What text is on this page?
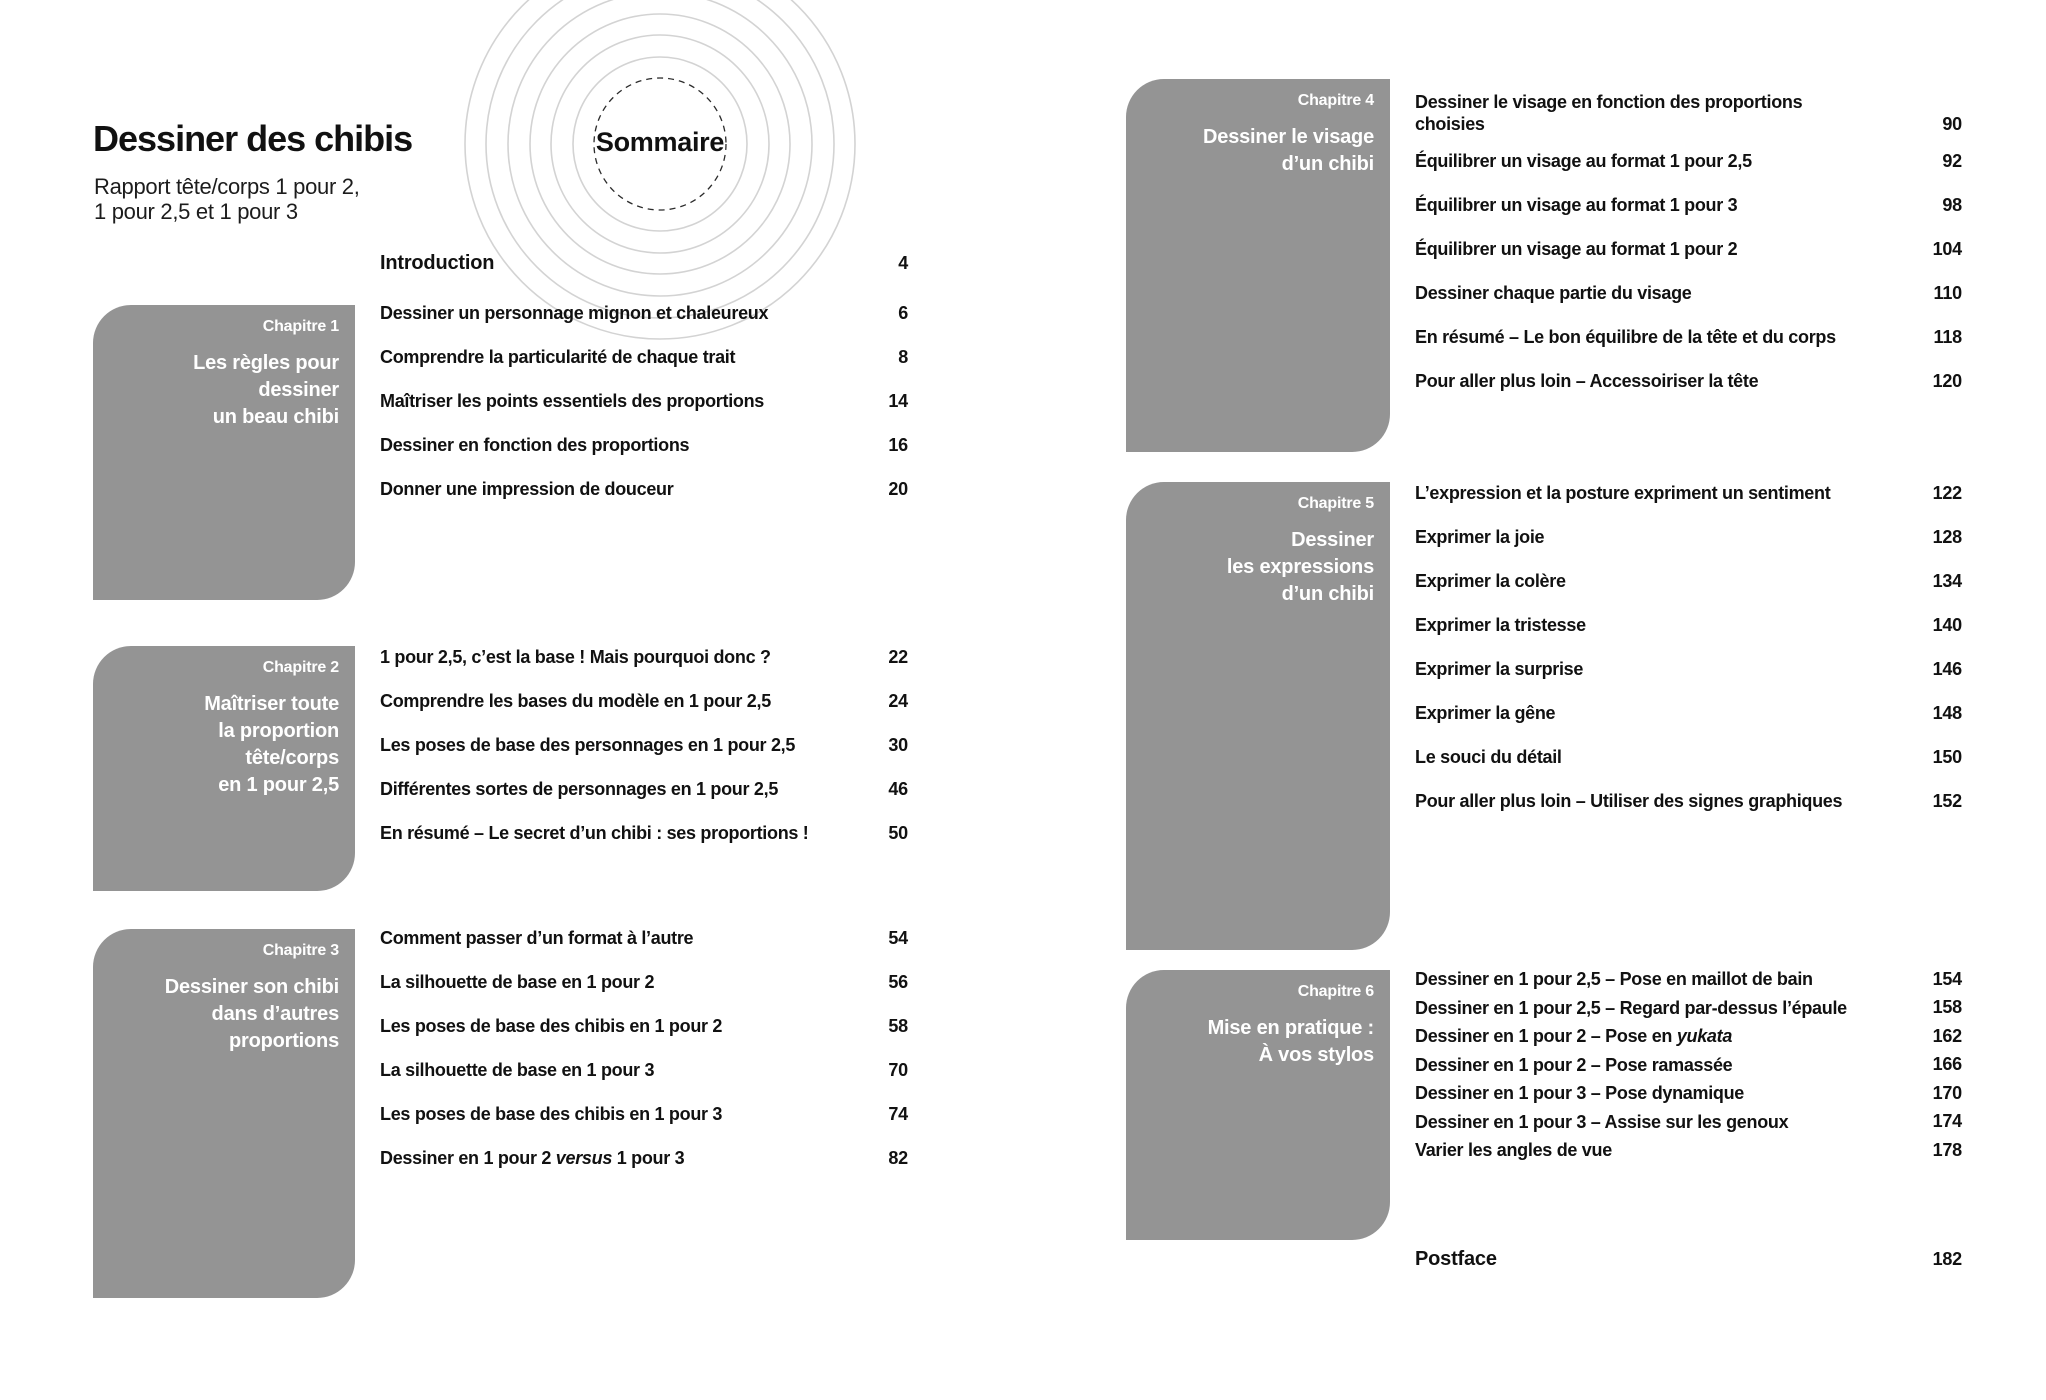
Sommaire
Dessiner des chibis
Rapport tête/corps 1 pour 2,
1 pour 2,5 et 1 pour 3
Chapitre 1
Les règles pour
dessiner
un beau chibi
Chapitre 2
Maîtriser toute
la proportion
tête/corps
en 1 pour 2,5
Chapitre 3
Dessiner son chibi
dans d’autres
proportions
Chapitre 4
Dessiner le visage
d’un chibi
Chapitre 5
Dessiner
les expressions
d’un chibi
Chapitre 6
Mise en pratique :
À vos stylos
Introduction	4
Dessiner un personnage mignon et chaleureux	6
Comprendre la particularité de chaque trait	8
Maîtriser les points essentiels des proportions	14
Dessiner en fonction des proportions	16
Donner une impression de douceur	20
1 pour 2,5, c’est la base ! Mais pourquoi donc ?	22
Comprendre les bases du modèle en 1 pour 2,5	24
Les poses de base des personnages en 1 pour 2,5	30
Différentes sortes de personnages en 1 pour 2,5	46
En résumé – Le secret d’un chibi : ses proportions !	50
Comment passer d’un format à l’autre	54
La silhouette de base en 1 pour 2	56
Les poses de base des chibis en 1 pour 2	58
La silhouette de base en 1 pour 3	70
Les poses de base des chibis en 1 pour 3	74
Dessiner en 1 pour 2 versus 1 pour 3	82
Dessiner le visage en fonction des proportions
choisies	90
Équilibrer un visage au format 1 pour 2,5	92
Équilibrer un visage au format 1 pour 3	98
Équilibrer un visage au format 1 pour 2	104
Dessiner chaque partie du visage	110
En résumé – Le bon équilibre de la tête et du corps	118
Pour aller plus loin – Accessoiriser la tête	120
L’expression et la posture expriment un sentiment	122
Exprimer la joie	128
Exprimer la colère	134
Exprimer la tristesse	140
Exprimer la surprise	146
Exprimer la gêne	148
Le souci du détail	150
Pour aller plus loin – Utiliser des signes graphiques	152
Dessiner en 1 pour 2,5 – Pose en maillot de bain	154
Dessiner en 1 pour 2,5 – Regard par-dessus l’épaule	158
Dessiner en 1 pour 2 – Pose en yukata	162
Dessiner en 1 pour 2 – Pose ramassée	166
Dessiner en 1 pour 3 – Pose dynamique	170
Dessiner en 1 pour 3 – Assise sur les genoux	174
Varier les angles de vue	178
Postface	182
